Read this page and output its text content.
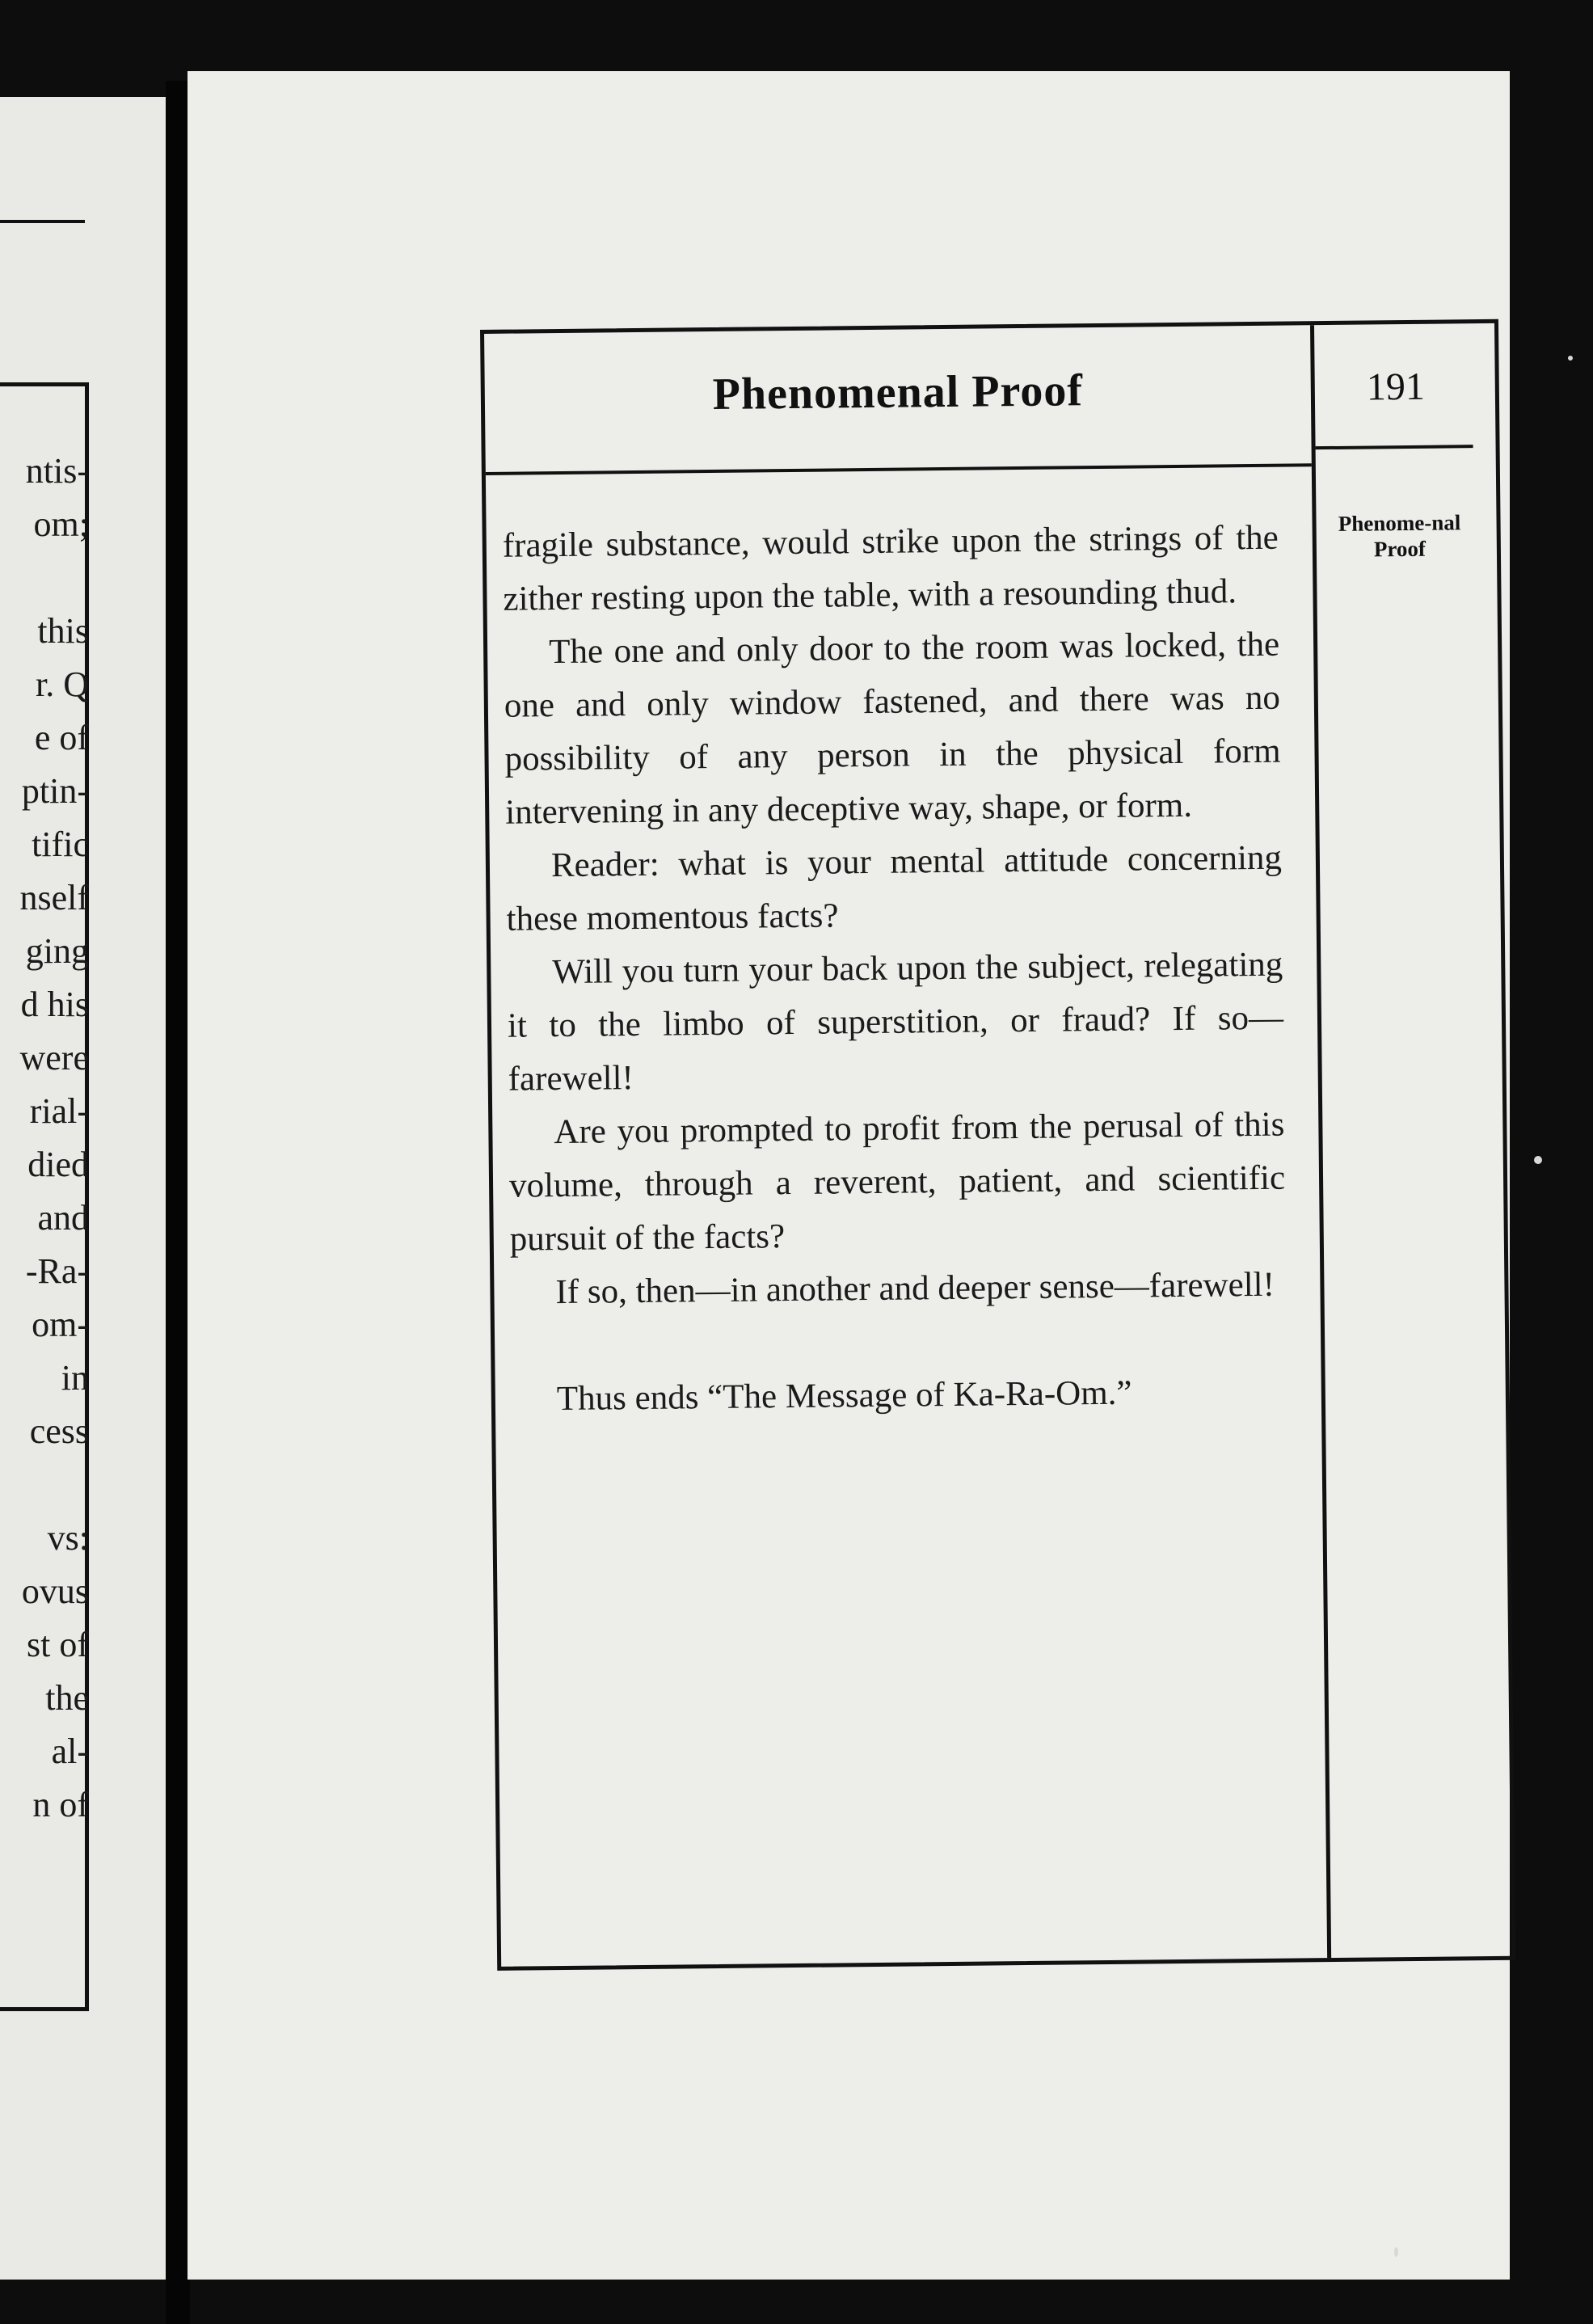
ntis-
om;

this
r. Q
e of
ptin-
tific
nself
ging
d his
were
rial-
died
and
-Ra-
om-
in
cess

vs:
ovus
st of
the
al-
n of
Phenomenal Proof	191
Phenome-nal Proof

fragile substance, would strike upon the strings of the zither resting upon the table, with a resounding thud.

The one and only door to the room was locked, the one and only window fastened, and there was no possibility of any person in the physical form intervening in any deceptive way, shape, or form.

Reader: what is your mental attitude concerning these momentous facts?

Will you turn your back upon the subject, relegating it to the limbo of superstition, or fraud? If so—farewell!

Are you prompted to profit from the perusal of this volume, through a reverent, patient, and scientific pursuit of the facts?

If so, then—in another and deeper sense—farewell!

Thus ends “The Message of Ka-Ra-Om.”
